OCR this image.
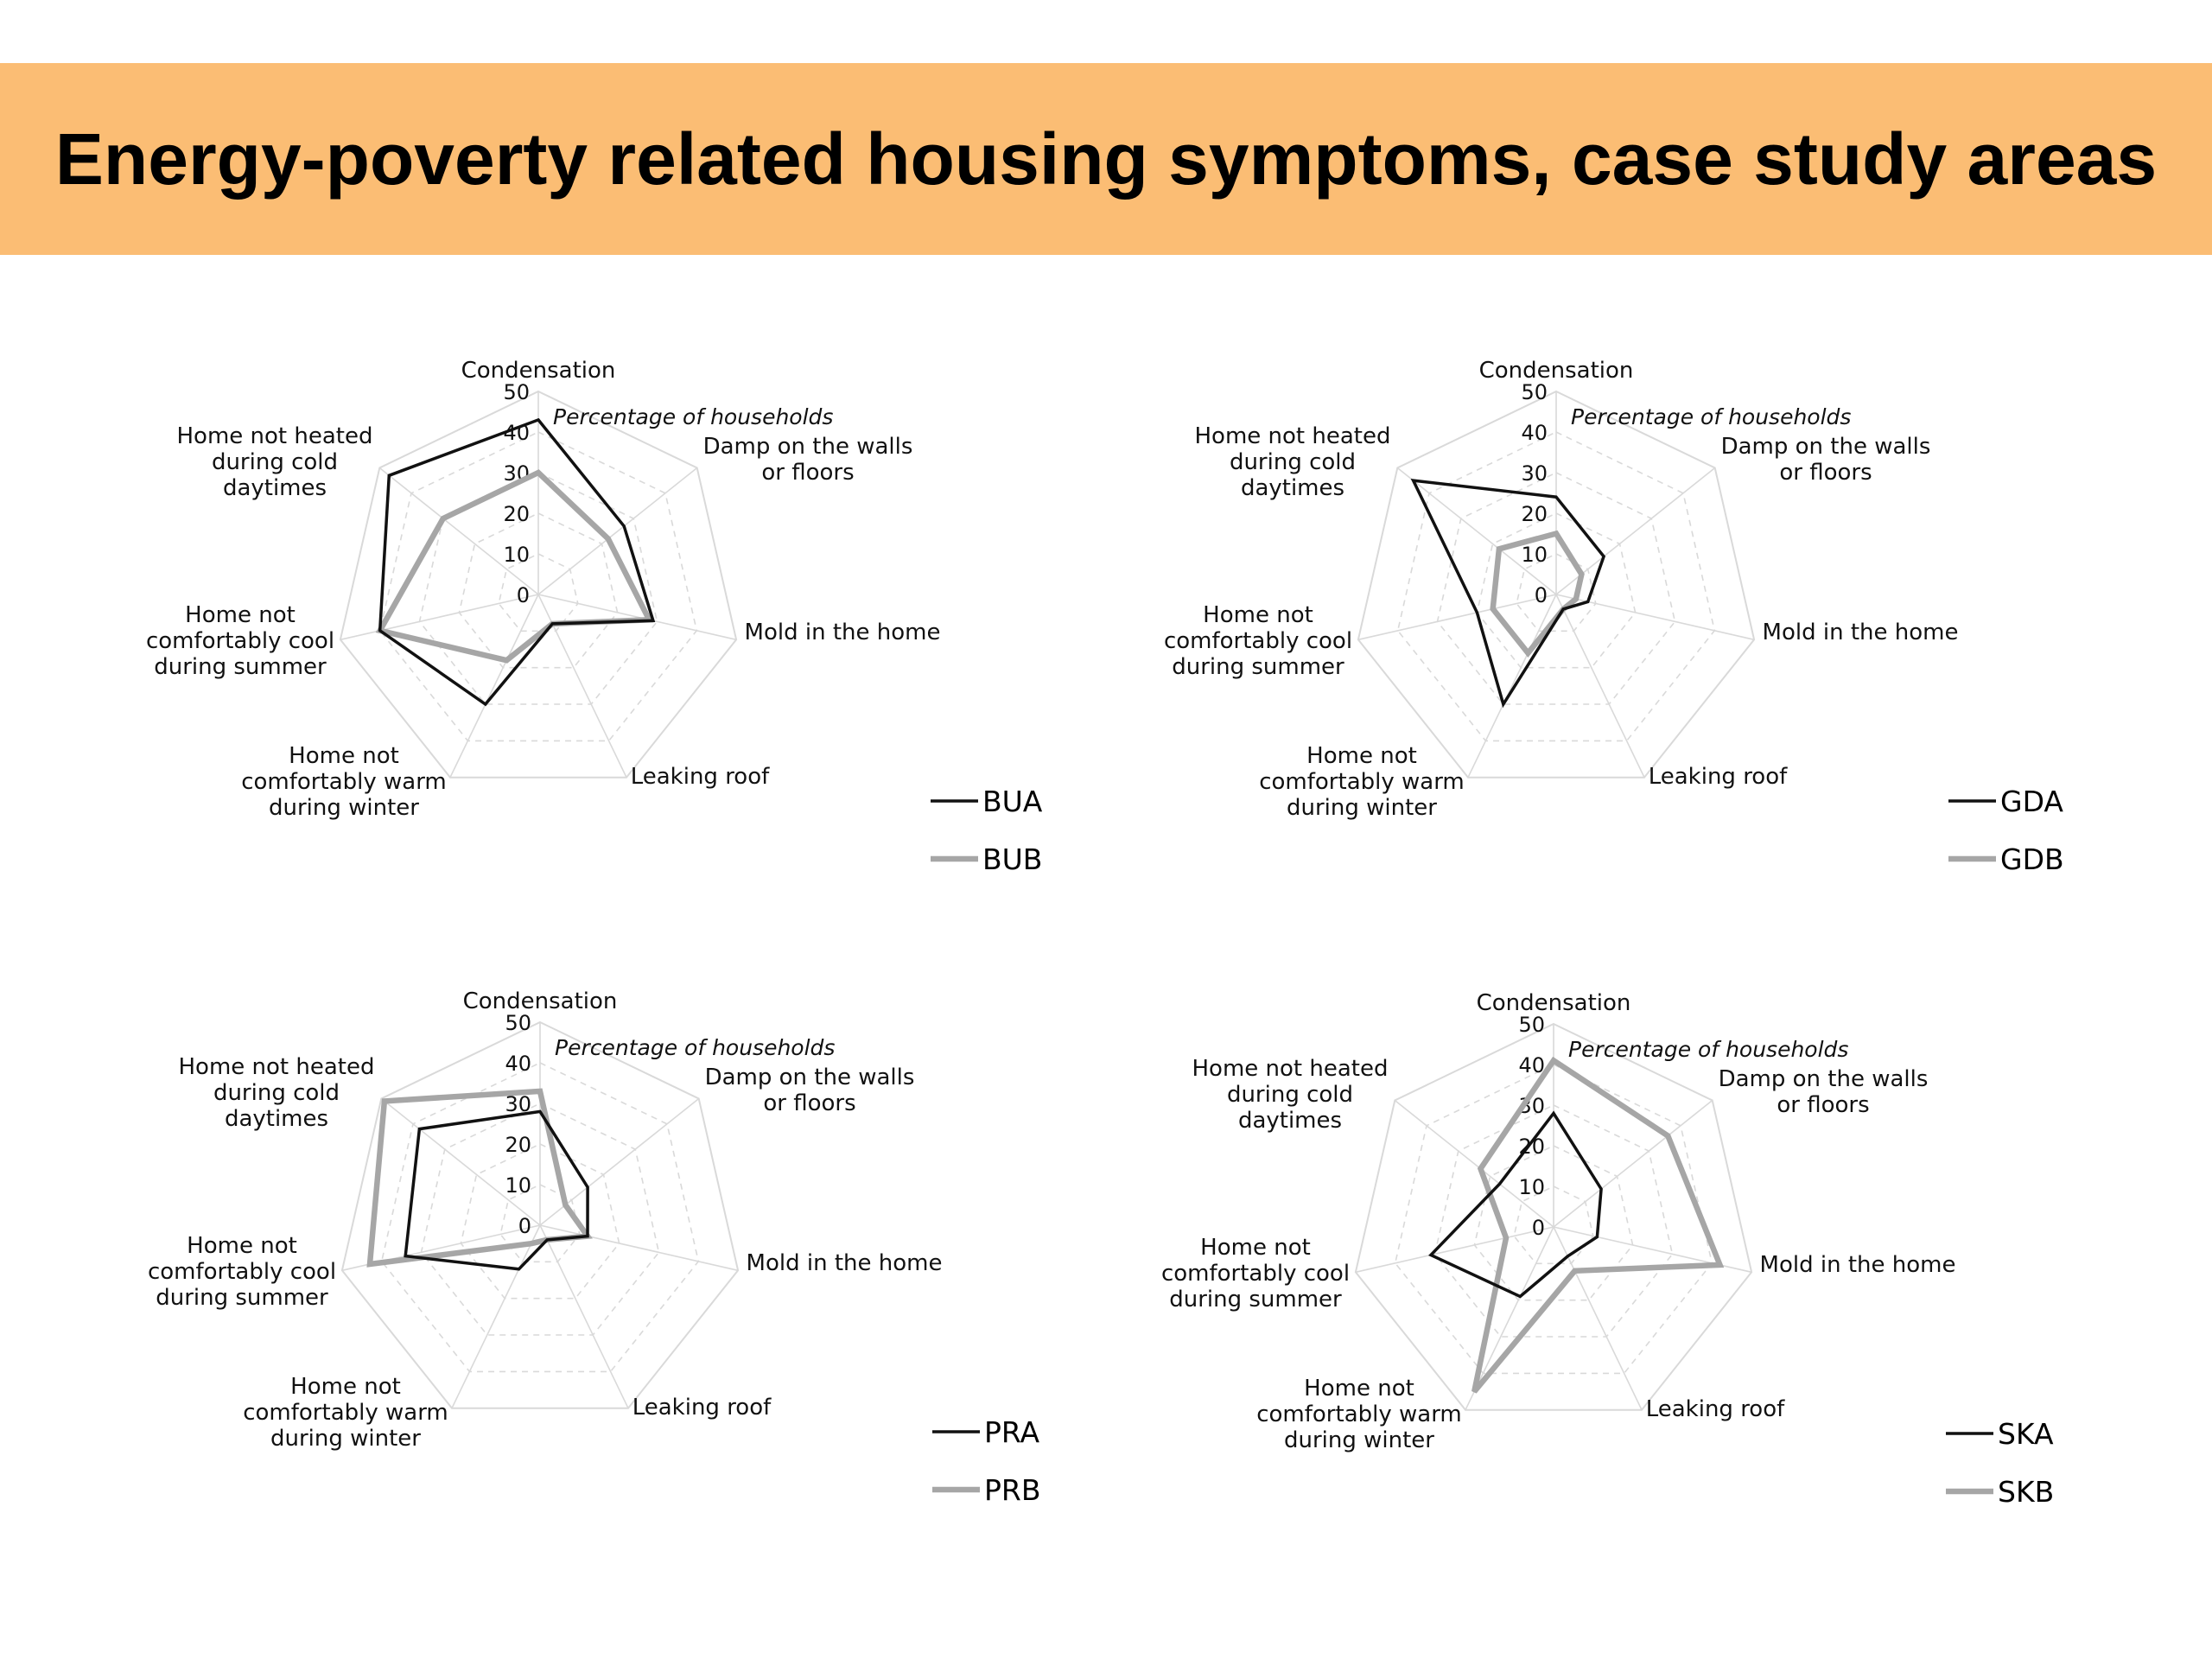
Energy-poverty related housing symptoms, case study areas
0
10
20
30
40
50
Percentage of households
Condensation
Damp on the walls or floors
Mold in the home
Leaking roof
Home not comfortably warm during winter
Home not comfortably cool during summer
Home not heated during cold daytimes
BUA
BUB
0
10
20
30
40
50
Percentage of households
Condensation
Damp on the walls or floors
Mold in the home
Leaking roof
Home not comfortably warm during winter
Home not comfortably cool during summer
Home not heated during cold daytimes
GDA
GDB
0
10
20
30
40
50
Percentage of households
Condensation
Damp on the walls or floors
Mold in the home
Leaking roof
Home not comfortably warm during winter
Home not comfortably cool during summer
Home not heated during cold daytimes
PRA
PRB
0
10
20
30
40
50
Percentage of households
Condensation
Damp on the walls or floors
Mold in the home
Leaking roof
Home not comfortably warm during winter
Home not comfortably cool during summer
Home not heated during cold daytimes
SKA
SKB
